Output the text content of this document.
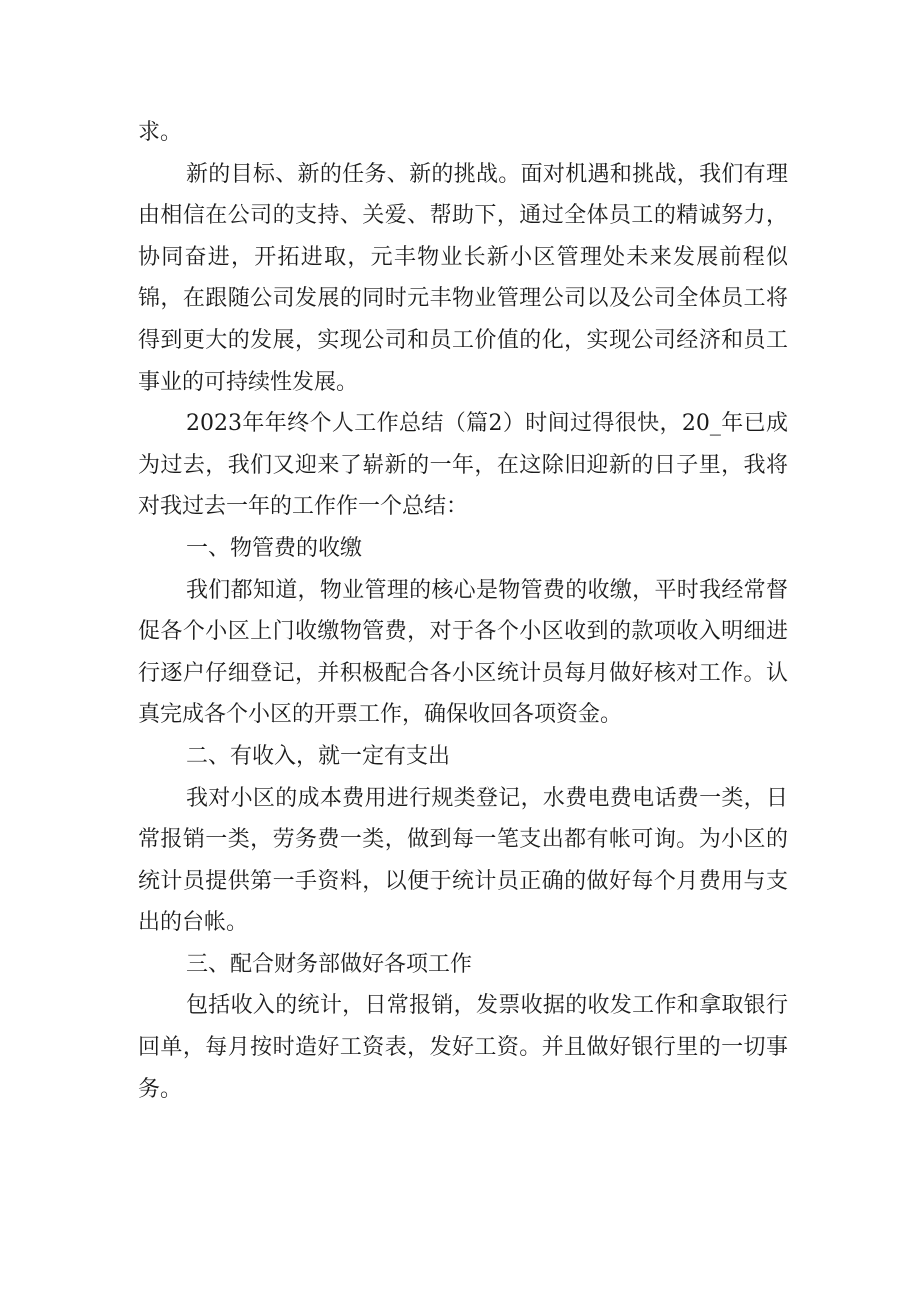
求。

新的目标、新的任务、新的挑战。面对机遇和挑战，我们有理由相信在公司的支持、关爱、帮助下，通过全体员工的精诚努力，协同奋进，开拓进取，元丰物业长新小区管理处未来发展前程似锦，在跟随公司发展的同时元丰物业管理公司以及公司全体员工将得到更大的发展，实现公司和员工价值的化，实现公司经济和员工事业的可持续性发展。

2023年年终个人工作总结（篇2）时间过得很快，20_年已成为过去，我们又迎来了崭新的一年，在这除旧迎新的日子里，我将对我过去一年的工作作一个总结：

一、物管费的收缴

我们都知道，物业管理的核心是物管费的收缴，平时我经常督促各个小区上门收缴物管费，对于各个小区收到的款项收入明细进行逐户仔细登记，并积极配合各小区统计员每月做好核对工作。认真完成各个小区的开票工作，确保收回各项资金。

二、有收入，就一定有支出

我对小区的成本费用进行规类登记，水费电费电话费一类，日常报销一类，劳务费一类，做到每一笔支出都有帐可询。为小区的统计员提供第一手资料，以便于统计员正确的做好每个月费用与支出的台帐。

三、配合财务部做好各项工作

包括收入的统计，日常报销，发票收据的收发工作和拿取银行回单，每月按时造好工资表，发好工资。并且做好银行里的一切事务。
